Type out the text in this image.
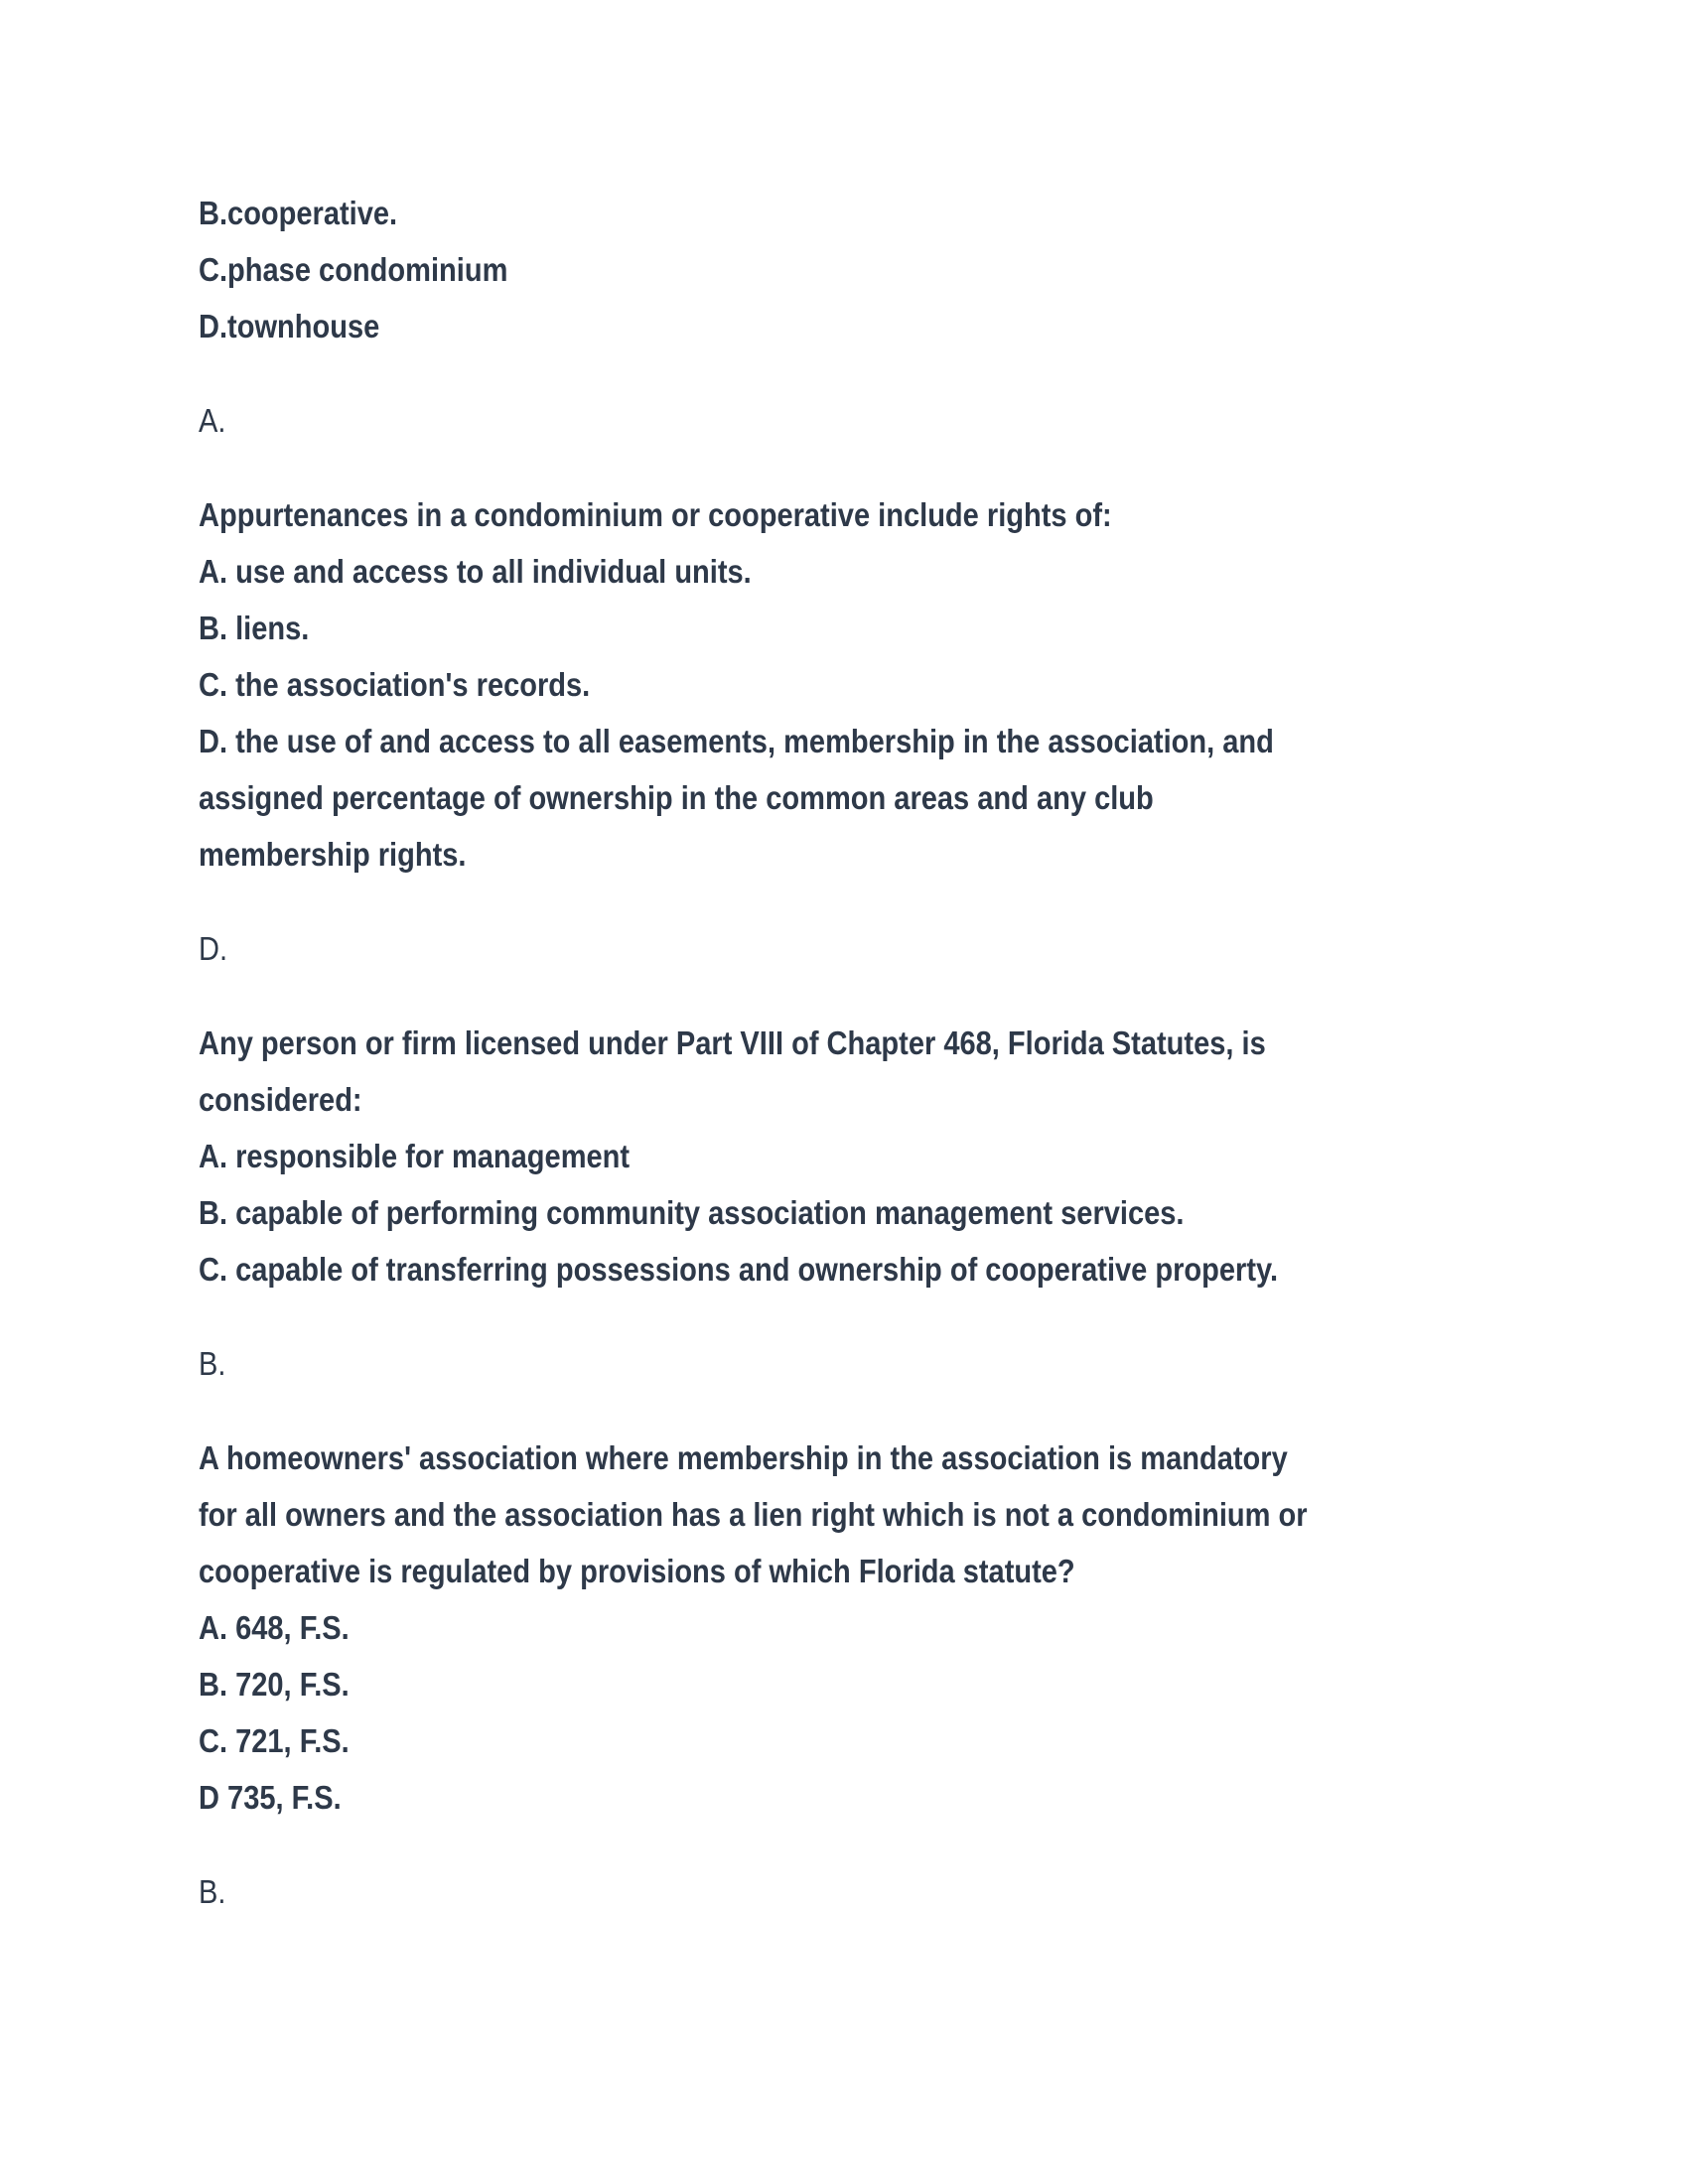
B.cooperative.
C.phase condominium
D.townhouse
A.
Appurtenances in a condominium or cooperative include rights of:
A. use and access to all individual units.
B. liens.
C. the association's records.
D. the use of and access to all easements, membership in the association, and
assigned percentage of ownership in the common areas and any club
membership rights.
D.
Any person or firm licensed under Part VIII of Chapter 468, Florida Statutes, is
considered:
A. responsible for management
B. capable of performing community association management services.
C. capable of transferring possessions and ownership of cooperative property.
B.
A homeowners' association where membership in the association is mandatory
for all owners and the association has a lien right which is not a condominium or
cooperative is regulated by provisions of which Florida statute?
A. 648, F.S.
B. 720, F.S.
C. 721, F.S.
D 735, F.S.
B.
